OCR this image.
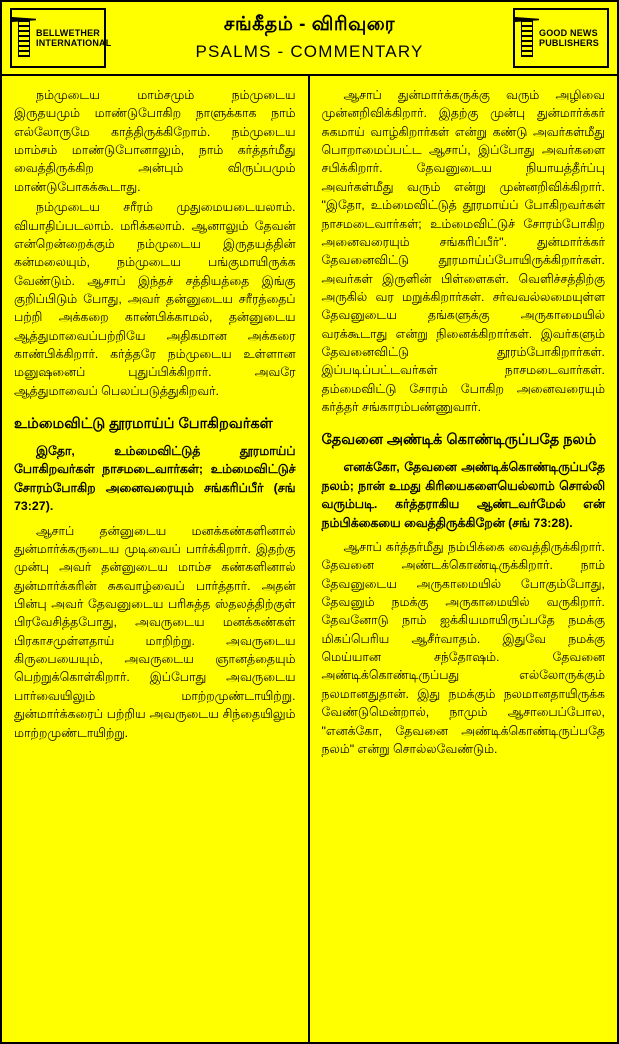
BELLWETHER
INTERNATIONAL
சங்கீதம் - விரிவுரை
PSALMS - COMMENTARY
GOOD NEWS
PUBLISHERS

நம்முடைய மாம்சமும் நம்முடைய இருதயமும் மாண்டுபோகிற நாளுக்காக நாம் எல்லோருமே காத்திருக்கிறோம். நம்முடைய மாம்சம் மாண்டுபோனாலும், நாம் கர்த்தர்மீது வைத்திருக்கிற அன்பும் விருப்பமும் மாண்டுபோகக்கூடாது.

நம்முடைய சரீரம் முதுமையடையலாம். வியாதிப்படலாம். மரிக்கலாம். ஆனாலும் தேவன் என்றென்றைக்கும் நம்முடைய இருதயத்தின் கன்மலையும், நம்முடைய பங்குமாயிருக்க வேண்டும். ஆசாப் இந்தச் சத்தியத்தை இங்கு குறிப்பிடும் போது, அவர் தன்னுடைய சரீரத்தைப் பற்றி அக்கறை காண்பிக்காமல், தன்னுடைய ஆத்துமாவைப்பற்றியே அதிகமான அக்கரை காண்பிக்கிறார். கர்த்தரே நம்முடைய உள்ளான மனுஷனைப் புதுப்பிக்கிறார். அவரே ஆத்துமாவைப் பெலப்படுத்துகிறவர்.

உம்மைவிட்டு தூரமாய்ப் போகிறவர்கள்

இதோ, உம்மைவிட்டுத் தூரமாய்ப் போகிறவர்கள் நாசமடைவார்கள்; உம்மைவிட்டுச் சோரம்போகிற அனைவரையும் சங்கரிப்பீர் (சங் 73:27).

ஆசாப் தன்னுடைய மனக்கண்களினால் துன்மார்க்கருடைய முடிவைப் பார்க்கிறார். இதற்கு முன்பு அவர் தன்னுடைய மாம்ச கண்களினால் துன்மார்க்கரின் சுகவாழ்வைப் பார்த்தார். அதன் பின்பு அவர் தேவனுடைய பரிசுத்த ஸ்தலத்திற்குள் பிரவேசித்தபோது, அவருடைய மனக்கண்கள் பிரகாசமுள்ளதாய் மாறிற்று. அவருடைய கிருபையையும், அவருடைய ஞானத்தையும் பெற்றுக்கொள்கிறார். இப்போது அவருடைய பார்வையிலும் மாற்றமுண்டாயிற்று. துன்மார்க்கரைப் பற்றிய அவருடைய சிந்தையிலும் மாற்றமுண்டாயிற்று.

ஆசாப் துன்மார்க்கருக்கு வரும் அழிவை முன்னறிவிக்கிறார். இதற்கு முன்பு துன்மார்க்கர் சுகமாய் வாழ்கிறார்கள் என்று கண்டு அவர்கள்மீது பொறாமைப்பட்ட ஆசாப், இப்போது அவர்களை சபிக்கிறார். தேவனுடைய நியாயத்தீர்ப்பு அவர்கள்மீது வரும் என்று முன்னறிவிக்கிறார். "இதோ, உம்மைவிட்டுத் தூரமாய்ப் போகிறவர்கள் நாசமடைவார்கள்; உம்மைவிட்டுச் சோரம்போகிற அனைவரையும் சங்கரிப்பீர்". துன்மார்க்கர் தேவனைவிட்டு தூரமாய்ப்போயிருக்கிறார்கள். அவர்கள் இருளின் பிள்ளைகள். வெளிச்சத்திற்கு அருகில் வர மறுக்கிறார்கள். சர்வவல்லமையுள்ள தேவனுடைய தங்களுக்கு அருகாமையில் வரக்கூடாது என்று நினைக்கிறார்கள். இவர்களும் தேவனைவிட்டு தூரம்போகிறார்கள். இப்படிப்பட்டவர்கள் நாசமடைவார்கள். தம்மைவிட்டு சோரம் போகிற அனைவரையும் கர்த்தர் சங்காரம்பண்ணுவார்.

தேவனை அண்டிக் கொண்டிருப்பதே நலம்

எனக்கோ, தேவனை அண்டிக்கொண்டிருப்பதே நலம்; நான் உமது கிரியைகளையெல்லாம் சொல்லி வரும்படி. கர்த்தராகிய ஆண்டவர்மேல் என் நம்பிக்கையை வைத்திருக்கிறேன் (சங் 73:28).

ஆசாப் கர்த்தர்மீது நம்பிக்கை வைத்திருக்கிறார். தேவனை அண்டக்கொண்டிருக்கிறார். நாம் தேவனுடைய அருகாமையில் போகும்போது, தேவனும் நமக்கு அருகாமையில் வருகிறார். தேவனோடு நாம் ஐக்கியமாயிருப்பதே நமக்கு மிகப்பெரிய ஆசீர்வாதம். இதுவே நமக்கு மெய்யான சந்தோஷம். தேவனை அண்டிக்கொண்டிருப்பது எல்லோருக்கும் நலமானதுதான். இது நமக்கும் நலமானதாயிருக்க வேண்டுமென்றால், நாமும் ஆசாபைப்போல, "எனக்கோ, தேவனை அண்டிக்கொண்டிருப்பதே நலம்" என்று சொல்லவேண்டும்.
